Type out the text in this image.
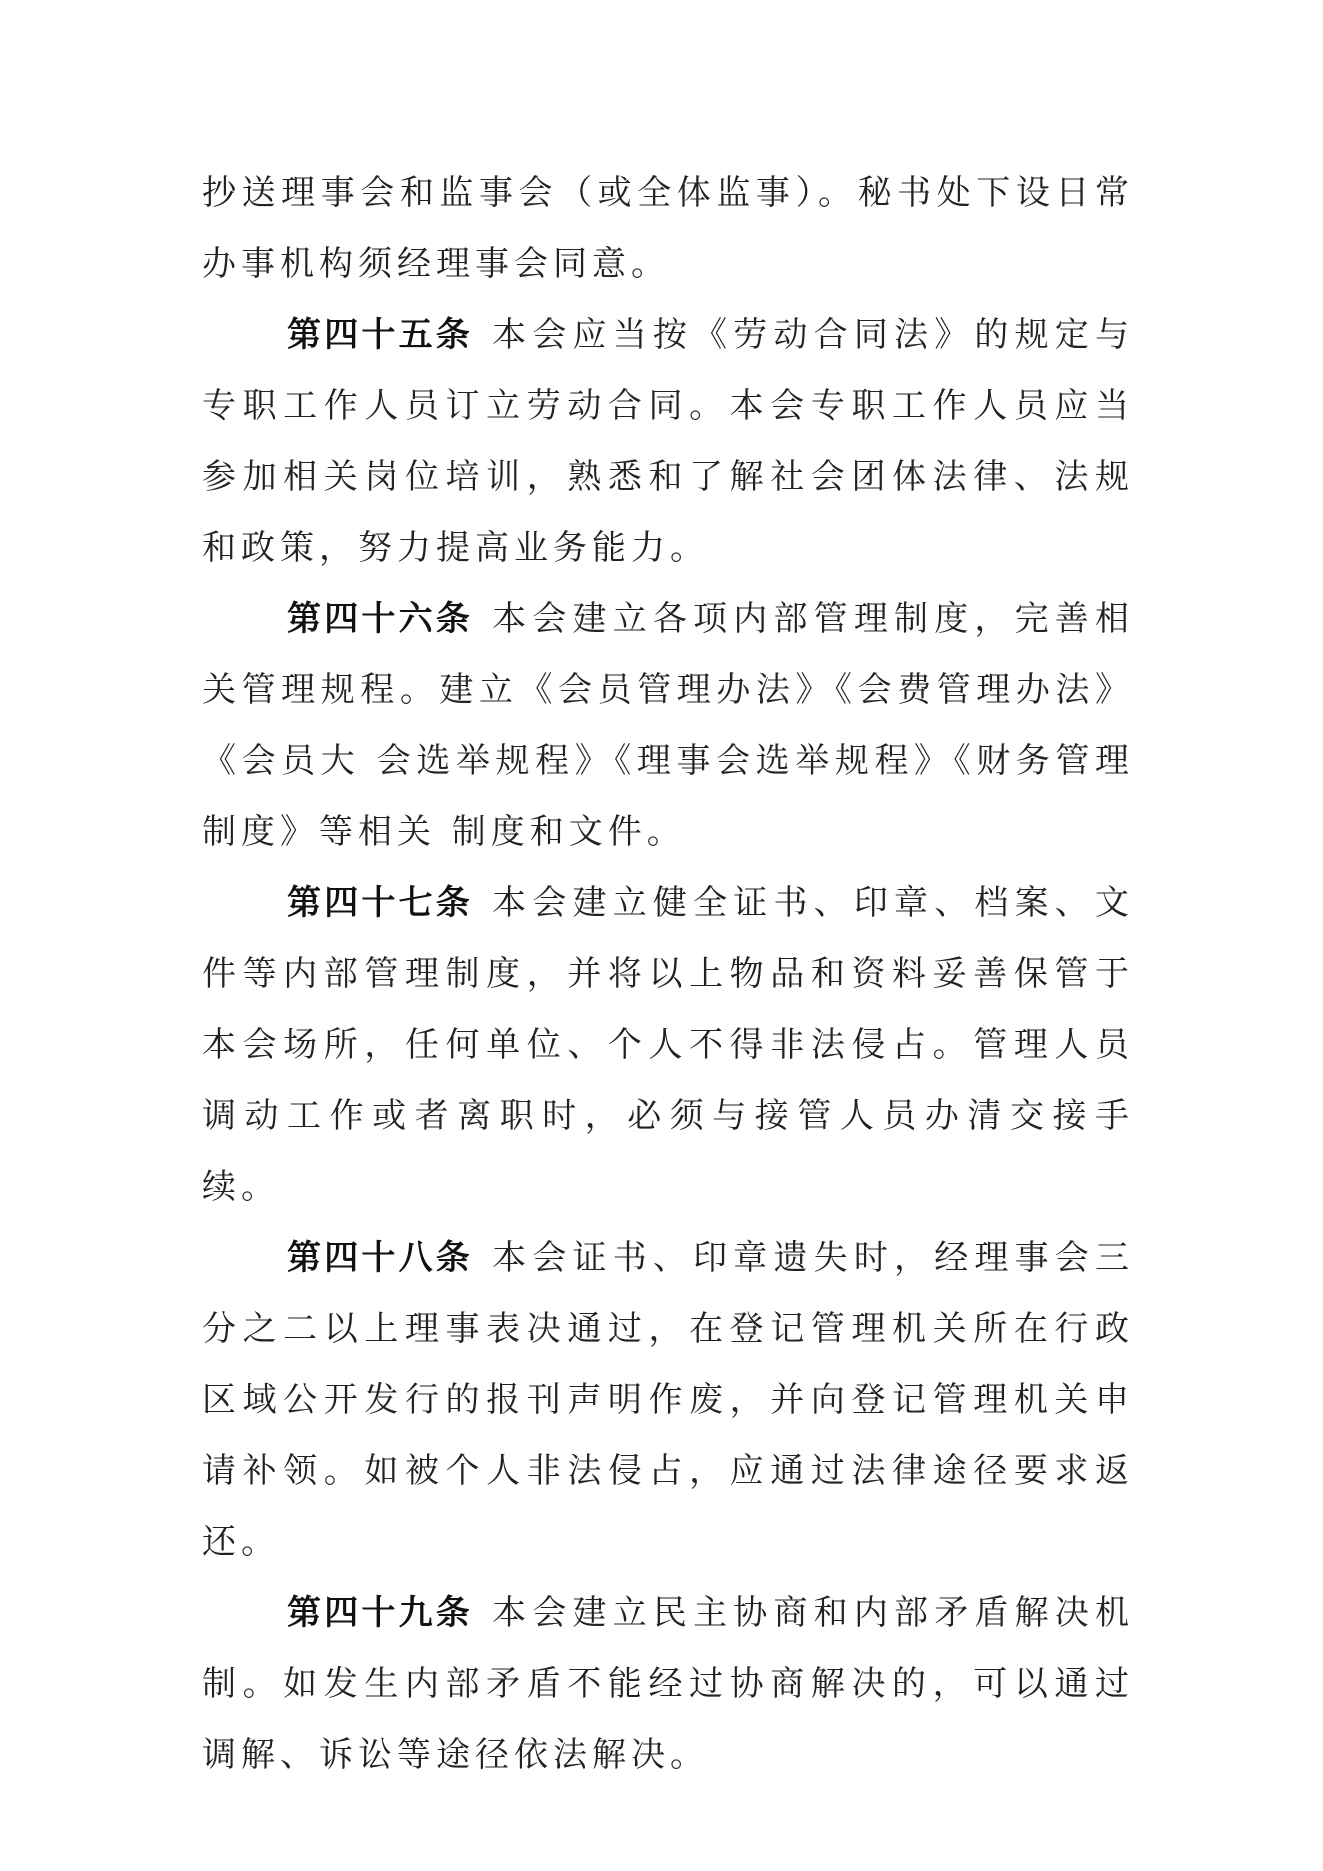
抄送理事会和监事会（或全体监事）。秘书处下设日常办事机构须经理事会同意。

第四十五条 本会应当按《劳动合同法》的规定与专职工作人员订立劳动合同。本会专职工作人员应当参加相关岗位培训，熟悉和了解社会团体法律、法规和政策，努力提高业务能力。

第四十六条 本会建立各项内部管理制度，完善相关管理规程。建立《会员管理办法》《会费管理办法》《会员大 会选举规程》《理事会选举规程》《财务管理制度》等相关 制度和文件。

第四十七条 本会建立健全证书、印章、档案、文件等内部管理制度，并将以上物品和资料妥善保管于本会场所，任何单位、个人不得非法侵占。管理人员调动工作或者离职时，必须与接管人员办清交接手续。

第四十八条 本会证书、印章遗失时，经理事会三分之二以上理事表决通过，在登记管理机关所在行政区域公开发行的报刊声明作废，并向登记管理机关申请补领。如被个人非法侵占，应通过法律途径要求返还。

第四十九条 本会建立民主协商和内部矛盾解决机制。如发生内部矛盾不能经过协商解决的，可以通过调解、诉讼等途径依法解决。
